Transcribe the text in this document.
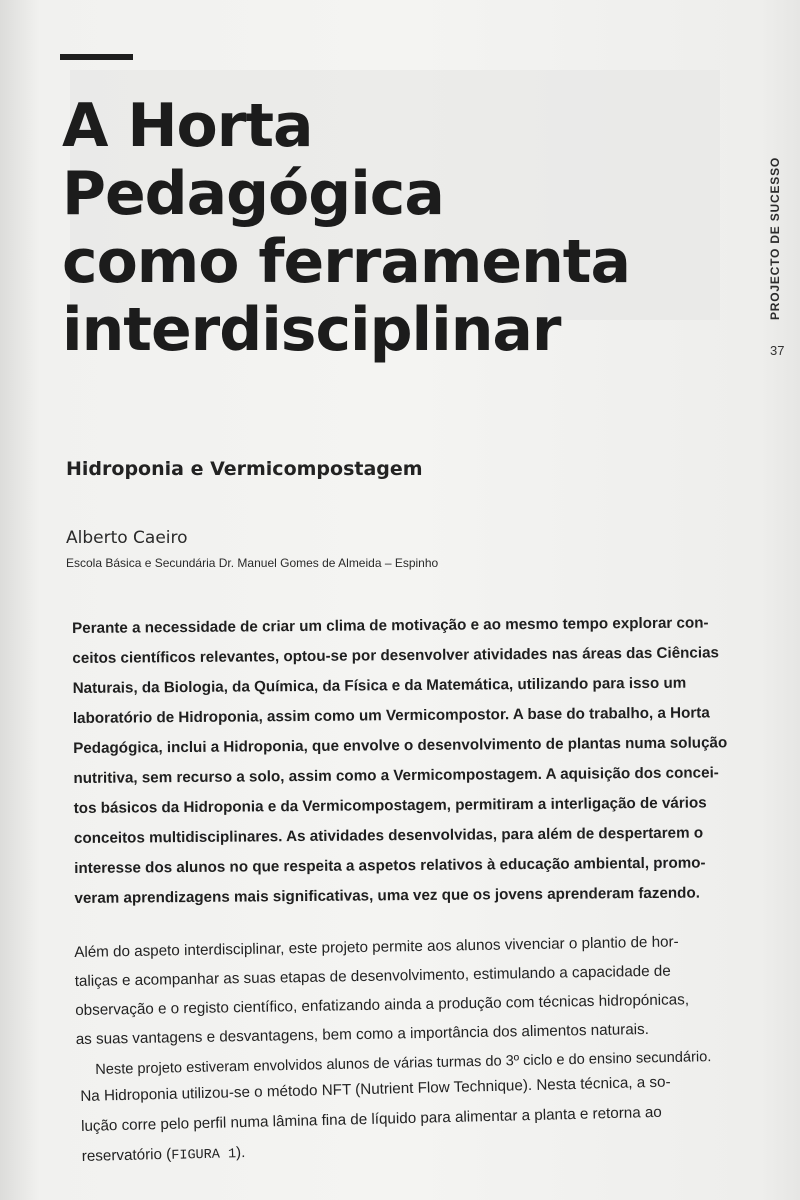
A Horta
Pedagógica
como ferramenta
interdisciplinar
Hidroponia e Vermicompostagem
Alberto Caeiro
Escola Básica e Secundária Dr. Manuel Gomes de Almeida – Espinho
PROJECTO DE SUCESSO
37
Perante a necessidade de criar um clima de motivação e ao mesmo tempo explorar con-
ceitos científicos relevantes, optou-se por desenvolver atividades nas áreas das Ciências
Naturais, da Biologia, da Química, da Física e da Matemática, utilizando para isso um
laboratório de Hidroponia, assim como um Vermicompostor. A base do trabalho, a Horta
Pedagógica, inclui a Hidroponia, que envolve o desenvolvimento de plantas numa solução
nutritiva, sem recurso a solo, assim como a Vermicompostagem. A aquisição dos concei-
tos básicos da Hidroponia e da Vermicompostagem, permitiram a interligação de vários
conceitos multidisciplinares. As atividades desenvolvidas, para além de despertarem o
interesse dos alunos no que respeita a aspetos relativos à educação ambiental, promo-
veram aprendizagens mais significativas, uma vez que os jovens aprenderam fazendo.
Além do aspeto interdisciplinar, este projeto permite aos alunos vivenciar o plantio de hor-
taliças e acompanhar as suas etapas de desenvolvimento, estimulando a capacidade de
observação e o registo científico, enfatizando ainda a produção com técnicas hidropónicas,
as suas vantagens e desvantagens, bem como a importância dos alimentos naturais.
Neste projeto estiveram envolvidos alunos de várias turmas do 3º ciclo e do ensino secundário.
Na Hidroponia utilizou-se o método NFT (Nutrient Flow Technique). Nesta técnica, a so-
lução corre pelo perfil numa lâmina fina de líquido para alimentar a planta e retorna ao
reservatório (FIGURA 1).
